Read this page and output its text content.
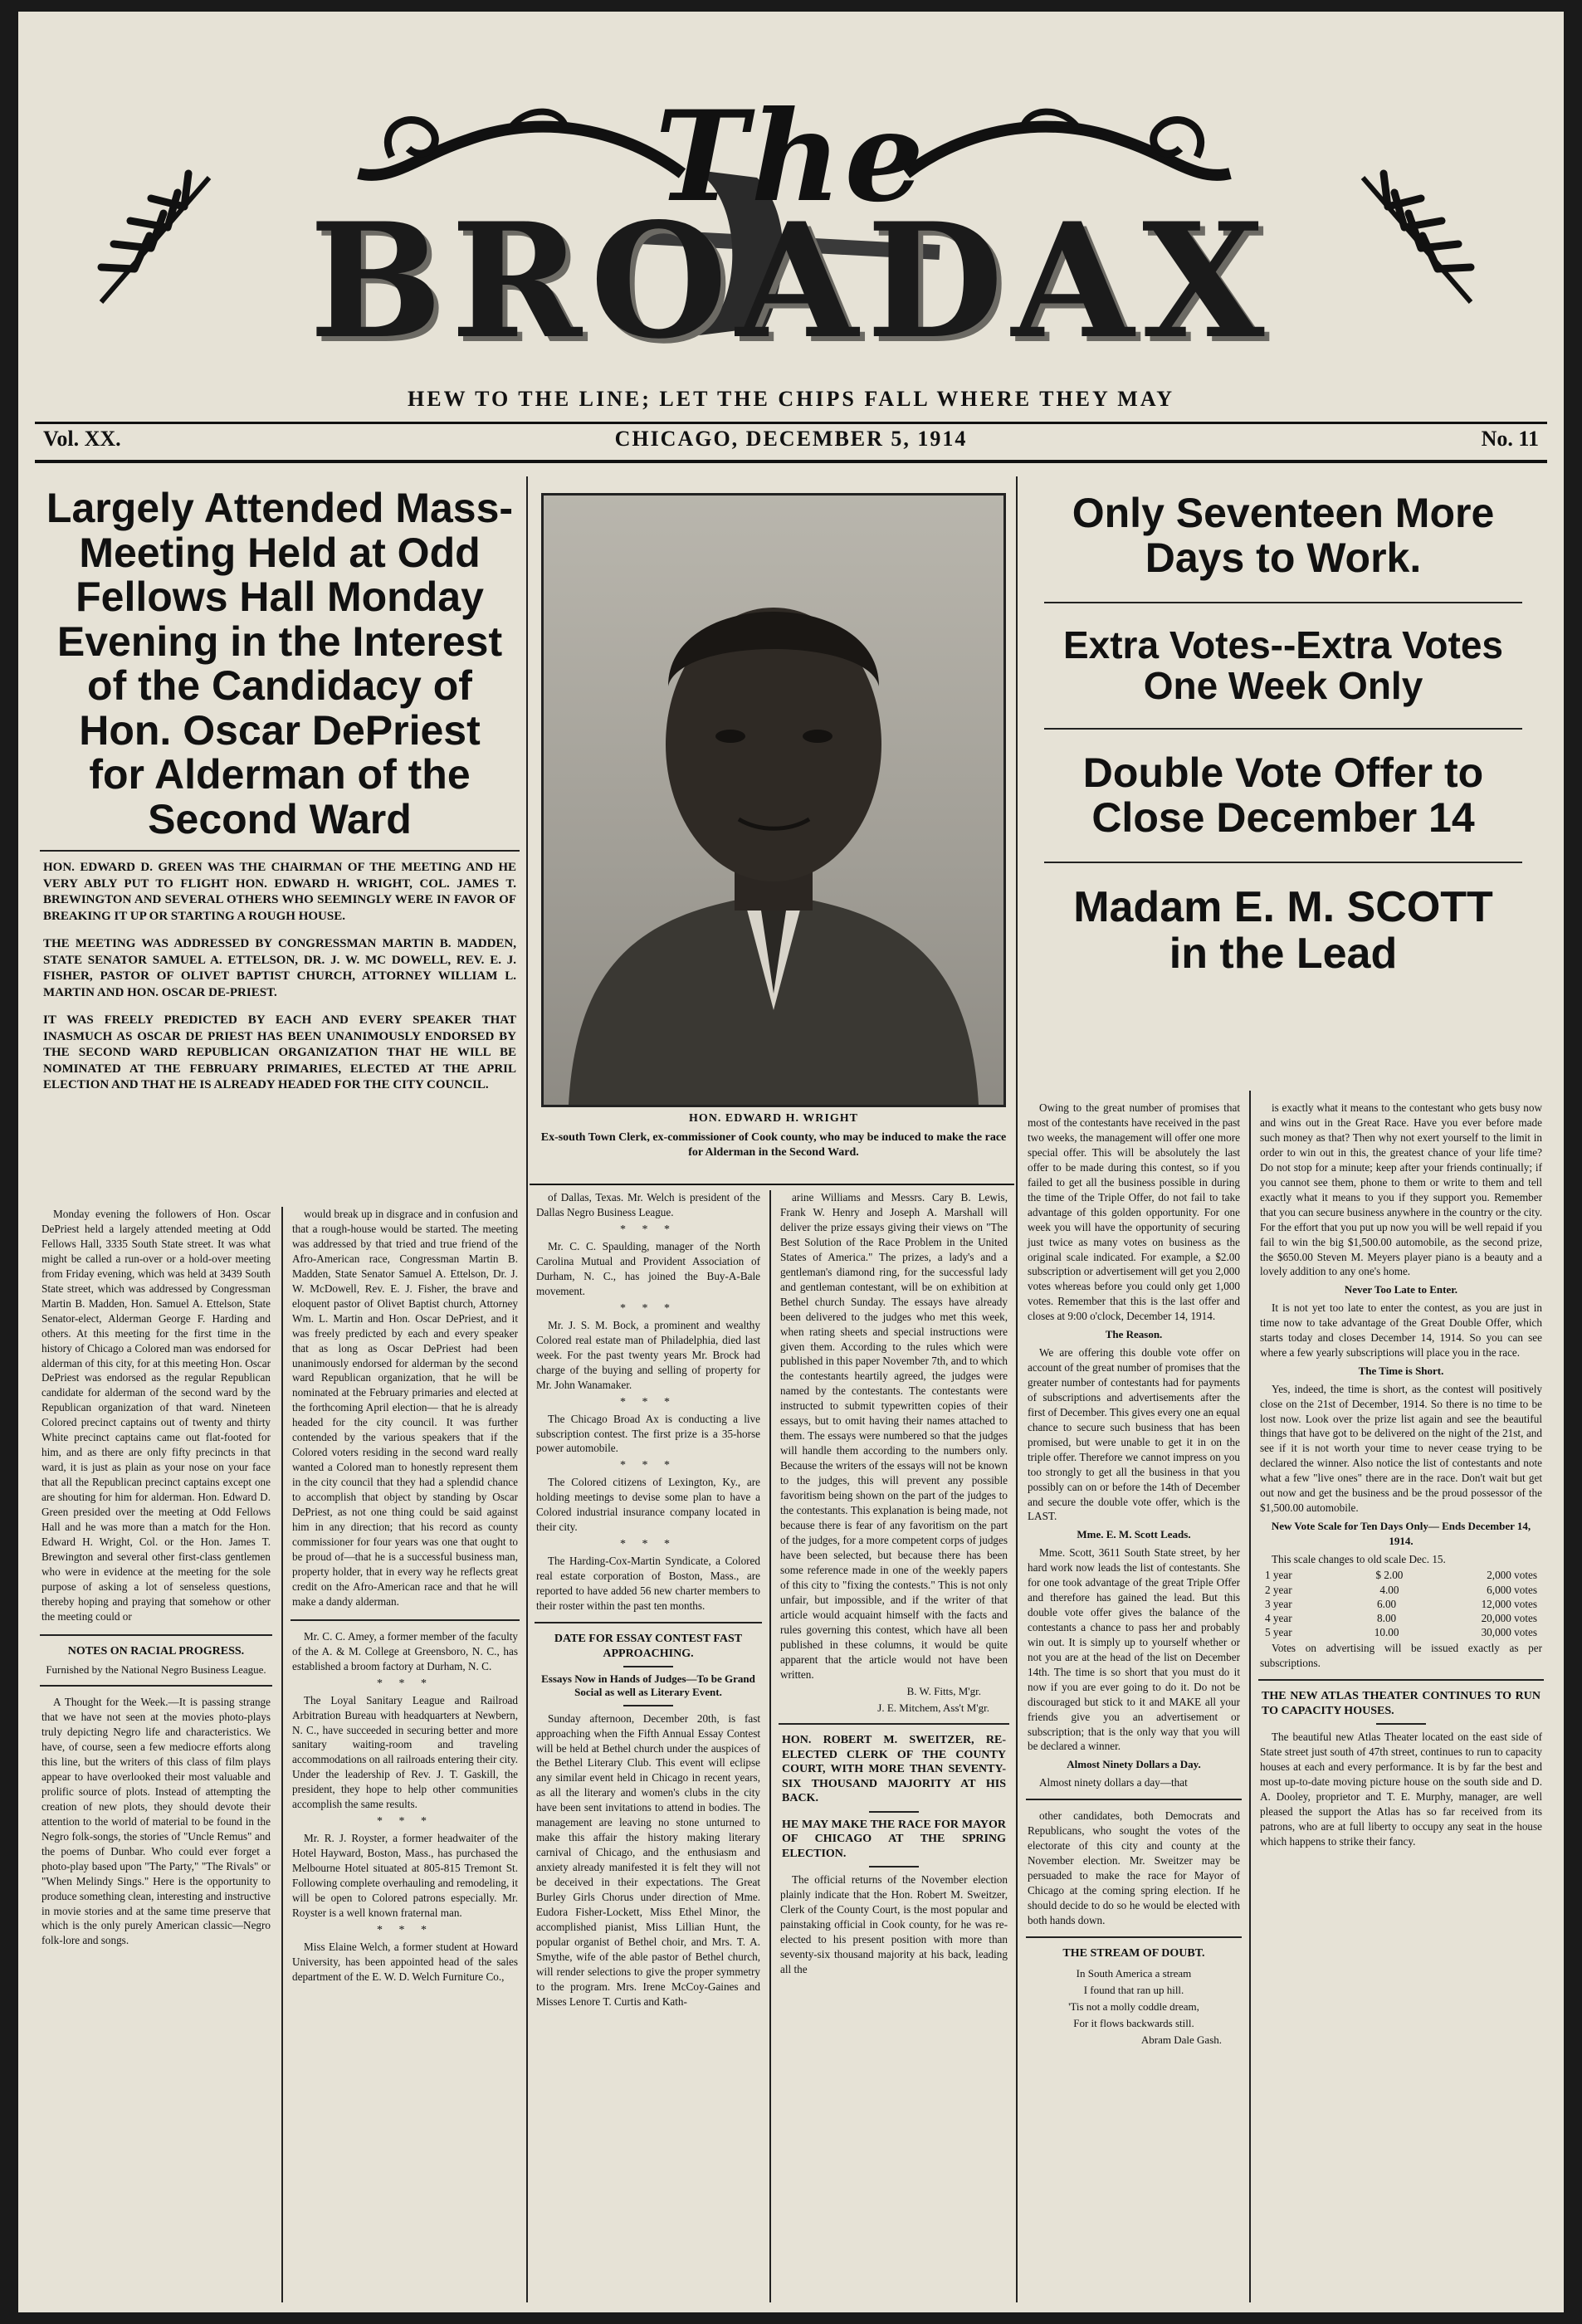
The
BROADAX
HEW TO THE LINE; LET THE CHIPS FALL WHERE THEY MAY
Vol. XX.	CHICAGO, DECEMBER 5, 1914	No. 11
Largely Attended Mass-
Meeting Held at Odd
Fellows Hall Monday
Evening in the Interest
of the Candidacy of
Hon. Oscar DePriest
for Alderman of the
Second Ward
HON. EDWARD D. GREEN WAS THE CHAIRMAN OF THE MEETING AND HE VERY ABLY PUT TO FLIGHT HON. EDWARD H. WRIGHT, COL. JAMES T. BREWINGTON AND SEVERAL OTHERS WHO SEEMINGLY WERE IN FAVOR OF BREAKING IT UP OR STARTING A ROUGH HOUSE.
THE MEETING WAS ADDRESSED BY CONGRESSMAN MARTIN B. MADDEN, STATE SENATOR SAMUEL A. ETTELSON, DR. J. W. MC DOWELL, REV. E. J. FISHER, PASTOR OF OLIVET BAPTIST CHURCH, ATTORNEY WILLIAM L. MARTIN AND HON. OSCAR DE-PRIEST.
IT WAS FREELY PREDICTED BY EACH AND EVERY SPEAKER THAT INASMUCH AS OSCAR DE PRIEST HAS BEEN UNANIMOUSLY ENDORSED BY THE SECOND WARD REPUBLICAN ORGANIZATION THAT HE WILL BE NOMINATED AT THE FEBRUARY PRIMARIES, ELECTED AT THE APRIL ELECTION AND THAT HE IS ALREADY HEADED FOR THE CITY COUNCIL.

Monday evening the followers of Hon. Oscar DePriest held a largely attended meeting at Odd Fellows Hall, 3335 South State street. It was what might be called a run-over or a hold-over meeting from Friday evening, which was held at 3439 South State street, which was addressed by Congressman Martin B. Madden, Hon. Samuel A. Ettelson, State Senator-elect, Alderman George F. Harding and others. At this meeting for the first time in the history of Chicago a Colored man was endorsed for alderman of this city, for at this meeting Hon. Oscar DePriest was endorsed as the regular Republican candidate for alderman of the second ward by the Republican organization of that ward. Nineteen Colored precinct captains out of twenty and thirty White precinct captains came out flat-footed for him, and as there are only fifty precincts in that ward, it is just as plain as your nose on your face that all the Republican precinct captains except one are shouting for him for alderman. Hon. Edward D. Green presided over the meeting at Odd Fellows Hall and he was more than a match for the Hon. Edward H. Wright, Col. or the Hon. James T. Brewington and several other first-class gentlemen who were in evidence at the meeting for the sole purpose of asking a lot of senseless questions, thereby hoping and praying that somehow or other the meeting could or

NOTES ON RACIAL PROGRESS.
Furnished by the National Negro Business League.

A Thought for the Week.—It is passing strange that we have not seen at the movies photo-plays truly depicting Negro life and characteristics. We have, of course, seen a few mediocre efforts along this line, but the writers of this class of film plays appear to have overlooked their most valuable and prolific source of plots. Instead of attempting the creation of new plots, they should devote their attention to the world of material to be found in the Negro folk-songs, the stories of "Uncle Remus" and the poems of Dunbar. Who could ever forget a photo-play based upon "The Party," "The Rivals" or "When Melindy Sings." Here is the opportunity to produce something clean, interesting and instructive in movie stories and at the same time preserve that which is the only purely American classic—Negro folk-lore and songs.

would break up in disgrace and in confusion and that a rough-house would be started. The meeting was addressed by that tried and true friend of the Afro-American race, Congressman Martin B. Madden, State Senator Samuel A. Ettelson, Dr. J. W. McDowell, Rev. E. J. Fisher, the brave and eloquent pastor of Olivet Baptist church, Attorney Wm. L. Martin and Hon. Oscar DePriest, and it was freely predicted by each and every speaker that as long as Oscar DePriest had been unanimously endorsed for alderman by the second ward Republican organization, that he will be nominated at the February primaries and elected at the forthcoming April election— that he is already headed for the city council. It was further contended by the various speakers that if the Colored voters residing in the second ward really wanted a Colored man to honestly represent them in the city council that they had a splendid chance to accomplish that object by standing by Oscar DePriest, as not one thing could be said against him in any direction; that his record as county commissioner for four years was one that ought to be proud of—that he is a successful business man, property holder, that in every way he reflects great credit on the Afro-American race and that he will make a dandy alderman.

Mr. C. C. Amey, a former member of the faculty of the A. & M. College at Greensboro, N. C., has established a broom factory at Durham, N. C.

* * *

The Loyal Sanitary League and Railroad Arbitration Bureau with headquarters at Newbern, N. C., have succeeded in securing better and more sanitary waiting-room and traveling accommodations on all railroads entering their city. Under the leadership of Rev. J. T. Gaskill, the president, they hope to help other communities accomplish the same results.

* * *

Mr. R. J. Royster, a former headwaiter of the Hotel Hayward, Boston, Mass., has purchased the Melbourne Hotel situated at 805-815 Tremont St. Following complete overhauling and remodeling, it will be open to Colored patrons especially. Mr. Royster is a well known fraternal man.

* * *

Miss Elaine Welch, a former student at Howard University, has been appointed head of the sales department of the E. W. D. Welch Furniture Co.,

HON. EDWARD H. WRIGHT
Ex-south Town Clerk, ex-commissioner of Cook county, who may be induced to make the race for Alderman in the Second Ward.

of Dallas, Texas. Mr. Welch is president of the Dallas Negro Business League.

* * *

Mr. C. C. Spaulding, manager of the North Carolina Mutual and Provident Association of Durham, N. C., has joined the Buy-A-Bale movement.

* * *

Mr. J. S. M. Bock, a prominent and wealthy Colored real estate man of Philadelphia, died last week. For the past twenty years Mr. Brock had charge of the buying and selling of property for Mr. John Wanamaker.

* * *

The Chicago Broad Ax is conducting a live subscription contest. The first prize is a 35-horse power automobile.

* * *

The Colored citizens of Lexington, Ky., are holding meetings to devise some plan to have a Colored industrial insurance company located in their city.

* * *

The Harding-Cox-Martin Syndicate, a Colored real estate corporation of Boston, Mass., are reported to have added 56 new charter members to their roster within the past ten months.

DATE FOR ESSAY CONTEST FAST APPROACHING.
Essays Now in Hands of Judges—To be Grand Social as well as Literary Event.

Sunday afternoon, December 20th, is fast approaching when the Fifth Annual Essay Contest will be held at Bethel church under the auspices of the Bethel Literary Club. This event will eclipse any similar event held in Chicago in recent years, as all the literary and women's clubs in the city have been sent invitations to attend in bodies. The management are leaving no stone unturned to make this affair the history making literary carnival of Chicago, and the enthusiasm and anxiety already manifested it is felt they will not be deceived in their expectations. The Great Burley Girls Chorus under direction of Mme. Eudora Fisher-Lockett, Miss Ethel Minor, the accomplished pianist, Miss Lillian Hunt, the popular organist of Bethel choir, and Mrs. T. A. Smythe, wife of the able pastor of Bethel church, will render selections to give the proper symmetry to the program. Mrs. Irene McCoy-Gaines and Misses Lenore T. Curtis and Kath-

arine Williams and Messrs. Cary B. Lewis, Frank W. Henry and Joseph A. Marshall will deliver the prize essays giving their views on "The Best Solution of the Race Problem in the United States of America." The prizes, a lady's and a gentleman's diamond ring, for the successful lady and gentleman contestant, will be on exhibition at Bethel church Sunday. The essays have already been delivered to the judges who met this week, when rating sheets and special instructions were given them. According to the rules which were published in this paper November 7th, and to which the contestants heartily agreed, the judges were named by the contestants. The contestants were instructed to submit typewritten copies of their essays, but to omit having their names attached to them. The essays were numbered so that the judges will handle them according to the numbers only. Because the writers of the essays will not be known to the judges, this will prevent any possible favoritism being shown on the part of the judges to the contestants. This explanation is being made, not because there is fear of any favoritism on the part of the judges, for a more competent corps of judges have been selected, but because there has been some reference made in one of the weekly papers of this city to "fixing the contests." This is not only unfair, but impossible, and if the writer of that article would acquaint himself with the facts and rules governing this contest, which have all been published in these columns, it would be quite apparent that the article would not have been written.

B. W. Fitts, M'gr.
J. E. Mitchem, Ass't M'gr.
HON. ROBERT M. SWEITZER, RE-ELECTED CLERK OF THE COUNTY COURT, WITH MORE THAN SEVENTY-SIX THOUSAND MAJORITY AT HIS BACK.
HE MAY MAKE THE RACE FOR MAYOR OF CHICAGO AT THE SPRING ELECTION.

The official returns of the November election plainly indicate that the Hon. Robert M. Sweitzer, Clerk of the County Court, is the most popular and painstaking official in Cook county, for he was re-elected to his present position with more than seventy-six thousand majority at his back, leading all the

Only Seventeen More
Days to Work.
Extra Votes--Extra Votes
One Week Only
Double Vote Offer to
Close December 14
Madam E. M. SCOTT
in the Lead

Owing to the great number of promises that most of the contestants have received in the past two weeks, the management will offer one more special offer. This will be absolutely the last offer to be made during this contest, so if you failed to get all the business possible in during the time of the Triple Offer, do not fail to take advantage of this golden opportunity. For one week you will have the opportunity of securing just twice as many votes on business as the original scale indicated. For example, a $2.00 subscription or advertisement will get you 2,000 votes whereas before you could only get 1,000 votes. Remember that this is the last offer and closes at 9:00 o'clock, December 14, 1914.

The Reason.

We are offering this double vote offer on account of the great number of promises that the greater number of contestants had for payments of subscriptions and advertisements after the first of December. This gives every one an equal chance to secure such business that has been promised, but were unable to get it in on the triple offer. Therefore we cannot impress on you too strongly to get all the business in that you possibly can on or before the 14th of December and secure the double vote offer, which is the LAST.

Mme. E. M. Scott Leads.

Mme. Scott, 3611 South State street, by her hard work now leads the list of contestants. She for one took advantage of the great Triple Offer and therefore has gained the lead. But this double vote offer gives the balance of the contestants a chance to pass her and probably win out. It is simply up to yourself whether or not you are at the head of the list on December 14th. The time is so short that you must do it now if you are ever going to do it. Do not be discouraged but stick to it and MAKE all your friends give you an advertisement or subscription; that is the only way that you will be declared a winner.

Almost Ninety Dollars a Day.

Almost ninety dollars a day—that

other candidates, both Democrats and Republicans, who sought the votes of the electorate of this city and county at the November election. Mr. Sweitzer may be persuaded to make the race for Mayor of Chicago at the coming spring election. If he should decide to do so he would be elected with both hands down.

THE STREAM OF DOUBT.
In South America a stream
I found that ran up hill.
'Tis not a molly coddle dream,
For it flows backwards still.
Abram Dale Gash.

is exactly what it means to the contestant who gets busy now and wins out in the Great Race. Have you ever before made such money as that? Then why not exert yourself to the limit in order to win out in this, the greatest chance of your life time? Do not stop for a minute; keep after your friends continually; if you cannot see them, phone to them or write to them and tell exactly what it means to you if they support you. Remember that you can secure business anywhere in the country or the city. For the effort that you put up now you will be well repaid if you fail to win the big $1,500.00 automobile, as the second prize, the $650.00 Steven M. Meyers player piano is a beauty and a lovely addition to any one's home.

Never Too Late to Enter.

It is not yet too late to enter the contest, as you are just in time now to take advantage of the Great Double Offer, which starts today and closes December 14, 1914. So you can see where a few yearly subscriptions will place you in the race.

The Time is Short.

Yes, indeed, the time is short, as the contest will positively close on the 21st of December, 1914. So there is no time to be lost now. Look over the prize list again and see the beautiful things that have got to be delivered on the night of the 21st, and see if it is not worth your time to never cease trying to be declared the winner. Also notice the list of contestants and note what a few "live ones" there are in the race. Don't wait but get out now and get the business and be the proud possessor of the $1,500.00 automobile.

New Vote Scale for Ten Days Only— Ends December 14, 1914.

This scale changes to old scale Dec. 15.

1 year	$ 2.00	2,000 votes
2 year	4.00	6,000 votes
3 year	6.00	12,000 votes
4 year	8.00	20,000 votes
5 year	10.00	30,000 votes

Votes on advertising will be issued exactly as per subscriptions.

THE NEW ATLAS THEATER CONTINUES TO RUN TO CAPACITY HOUSES.

The beautiful new Atlas Theater located on the east side of State street just south of 47th street, continues to run to capacity houses at each and every performance. It is by far the best and most up-to-date moving picture house on the south side and D. A. Dooley, proprietor and T. E. Murphy, manager, are well pleased the support the Atlas has so far received from its patrons, who are at full liberty to occupy any seat in the house which happens to strike their fancy.
